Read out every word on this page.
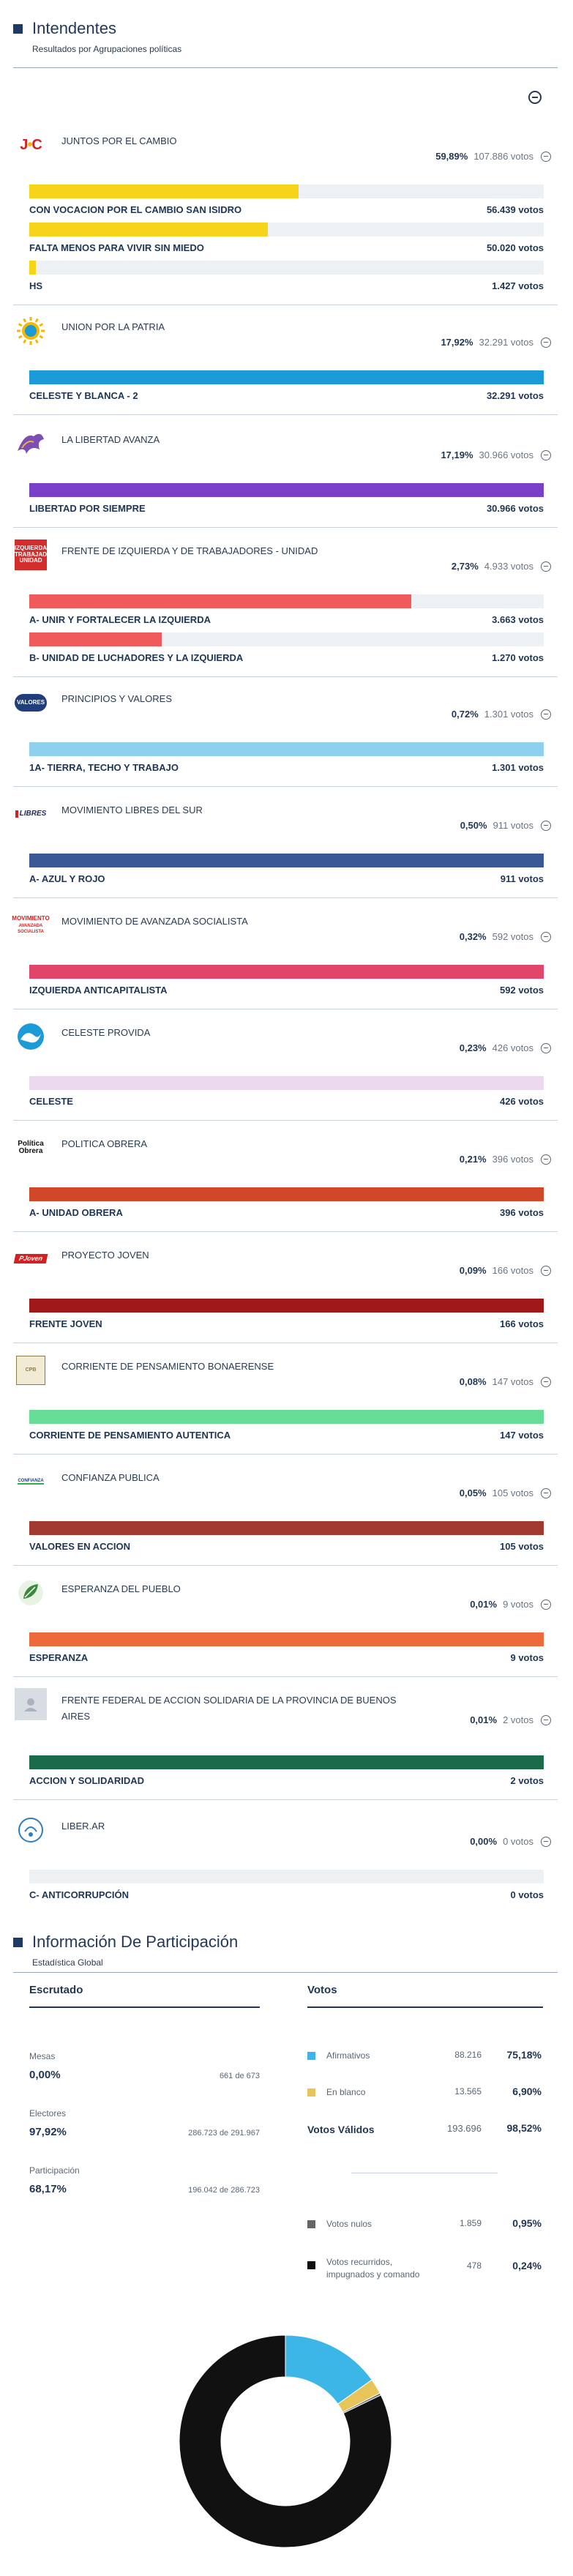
Intendentes
Resultados por Agrupaciones políticas
J•C JUNTOS POR EL CAMBIO
59,89% 107.886 votos
CON VOCACION POR EL CAMBIO SAN ISIDRO	56.439 votos
FALTA MENOS PARA VIVIR SIN MIEDO	50.020 votos
HS	1.427 votos
UNION POR LA PATRIA
17,92% 32.291 votos
CELESTE Y BLANCA - 2	32.291 votos
LA LIBERTAD AVANZA
17,19% 30.966 votos
LIBERTAD POR SIEMPRE	30.966 votos
IZQUIERDA
TRABAJADORES
UNIDAD
FRENTE DE IZQUIERDA Y DE TRABAJADORES - UNIDAD
2,73% 4.933 votos
A- UNIR Y FORTALECER LA IZQUIERDA	3.663 votos
B- UNIDAD DE LUCHADORES Y LA IZQUIERDA	1.270 votos
VALORES PRINCIPIOS Y VALORES
0,72% 1.301 votos
1A- TIERRA, TECHO Y TRABAJO	1.301 votos
LIBRES MOVIMIENTO LIBRES DEL SUR
0,50% 911 votos
A- AZUL Y ROJO	911 votos
MOVIMIENTO
AVANZADA SOCIALISTA
MOVIMIENTO DE AVANZADA SOCIALISTA
0,32% 592 votos
IZQUIERDA ANTICAPITALISTA	592 votos
CELESTE PROVIDA
0,23% 426 votos
CELESTE	426 votos
Política
Obrera
POLITICA OBRERA
0,21% 396 votos
A- UNIDAD OBRERA	396 votos
PJoven	PROYECTO JOVEN
0,09% 166 votos
FRENTE JOVEN	166 votos
CPB	CORRIENTE DE PENSAMIENTO BONAERENSE
0,08% 147 votos
CORRIENTE DE PENSAMIENTO AUTENTICA	147 votos
CONFIANZA CONFIANZA PUBLICA
0,05% 105 votos
VALORES EN ACCION	105 votos
ESPERANZA DEL PUEBLO
0,01% 9 votos
ESPERANZA	9 votos
FRENTE FEDERAL DE ACCION SOLIDARIA DE LA PROVINCIA DE BUENOS AIRES	0,01% 2 votos
ACCION Y SOLIDARIDAD	2 votos
LIBER.AR
0,00% 0 votos
C- ANTICORRUPCIÓN	0 votos
Información De Participación
Estadística Global
Escrutado
Mesas
0,00%	661 de 673
Electores
97,92%	286.723 de 291.967
Participación
68,17%	196.042 de 286.723
Votos
Afirmativos	88.216 75,18%
En blanco	13.565	6,90%
Votos Válidos	193.696 98,52%
Votos nulos	1.859	0,95%
Votos recurridos, impugnados y comando
478	0,24%
